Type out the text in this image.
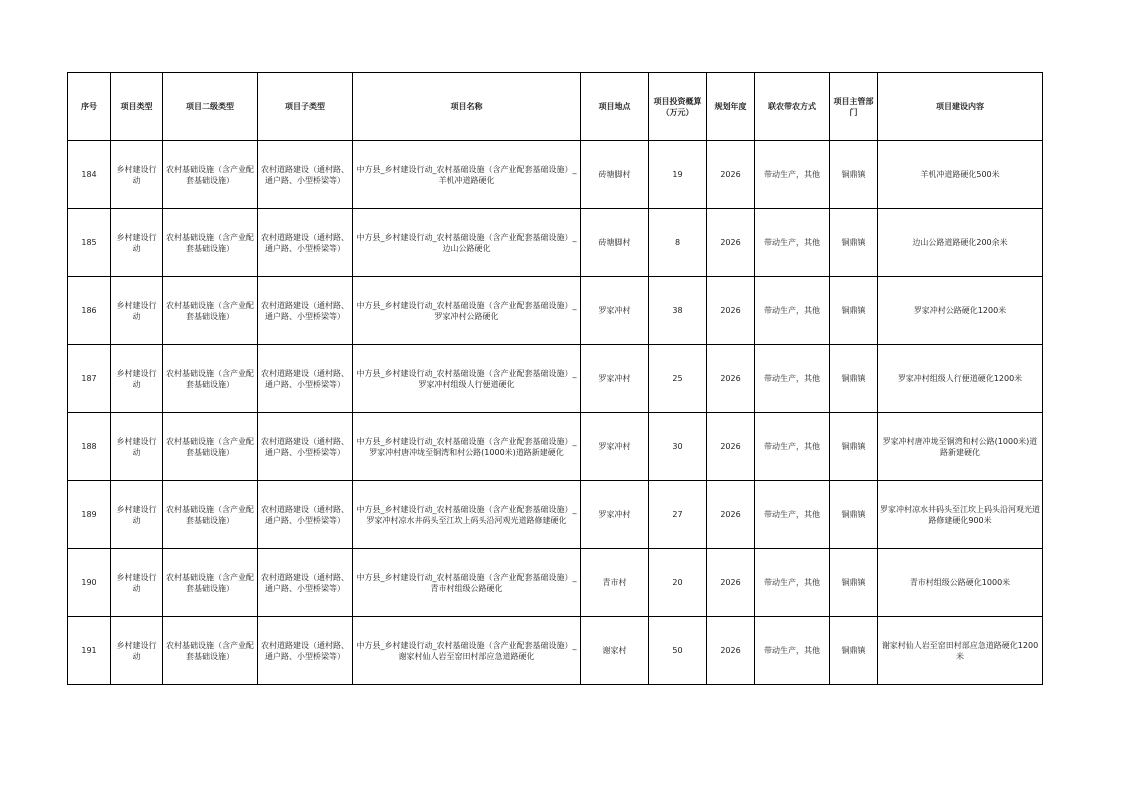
序号	项目类型	项目二级类型	项目子类型	项目名称	项目地点	项目投资概算（万元）	规划年度	联农带农方式	项目主管部门	项目建设内容
184	乡村建设行动	农村基础设施（含产业配套基础设施）	农村道路建设（通村路、通户路、小型桥梁等）	中方县_乡村建设行动_农村基础设施（含产业配套基础设施）_羊机冲道路硬化	砖塘脚村	19	2026	带动生产，其他	铜鼎镇	羊机冲道路硬化500米
185	乡村建设行动	农村基础设施（含产业配套基础设施）	农村道路建设（通村路、通户路、小型桥梁等）	中方县_乡村建设行动_农村基础设施（含产业配套基础设施）_边山公路硬化	砖塘脚村	8	2026	带动生产，其他	铜鼎镇	边山公路道路硬化200余米
186	乡村建设行动	农村基础设施（含产业配套基础设施）	农村道路建设（通村路、通户路、小型桥梁等）	中方县_乡村建设行动_农村基础设施（含产业配套基础设施）_罗家冲村公路硬化	罗家冲村	38	2026	带动生产，其他	铜鼎镇	罗家冲村公路硬化1200米
187	乡村建设行动	农村基础设施（含产业配套基础设施）	农村道路建设（通村路、通户路、小型桥梁等）	中方县_乡村建设行动_农村基础设施（含产业配套基础设施）_罗家冲村组级人行便道硬化	罗家冲村	25	2026	带动生产，其他	铜鼎镇	罗家冲村组级人行便道硬化1200米
188	乡村建设行动	农村基础设施（含产业配套基础设施）	农村道路建设（通村路、通户路、小型桥梁等）	中方县_乡村建设行动_农村基础设施（含产业配套基础设施）_罗家冲村唐冲垅至铜湾和村公路(1000米)道路新建硬化	罗家冲村	30	2026	带动生产，其他	铜鼎镇	罗家冲村唐冲垅至铜湾和村公路(1000米)道路新建硬化
189	乡村建设行动	农村基础设施（含产业配套基础设施）	农村道路建设（通村路、通户路、小型桥梁等）	中方县_乡村建设行动_农村基础设施（含产业配套基础设施）_罗家冲村凉水井码头至江坎上码头沿河观光道路修建硬化	罗家冲村	27	2026	带动生产，其他	铜鼎镇	罗家冲村凉水井码头至江坎上码头沿河观光道路修建硬化900米
190	乡村建设行动	农村基础设施（含产业配套基础设施）	农村道路建设（通村路、通户路、小型桥梁等）	中方县_乡村建设行动_农村基础设施（含产业配套基础设施）_青市村组级公路硬化	青市村	20	2026	带动生产，其他	铜鼎镇	青市村组级公路硬化1000米
191	乡村建设行动	农村基础设施（含产业配套基础设施）	农村道路建设（通村路、通户路、小型桥梁等）	中方县_乡村建设行动_农村基础设施（含产业配套基础设施）_谢家村仙人岩至窑田村部应急道路硬化	谢家村	50	2026	带动生产，其他	铜鼎镇	谢家村仙人岩至窑田村部应急道路硬化1200米
